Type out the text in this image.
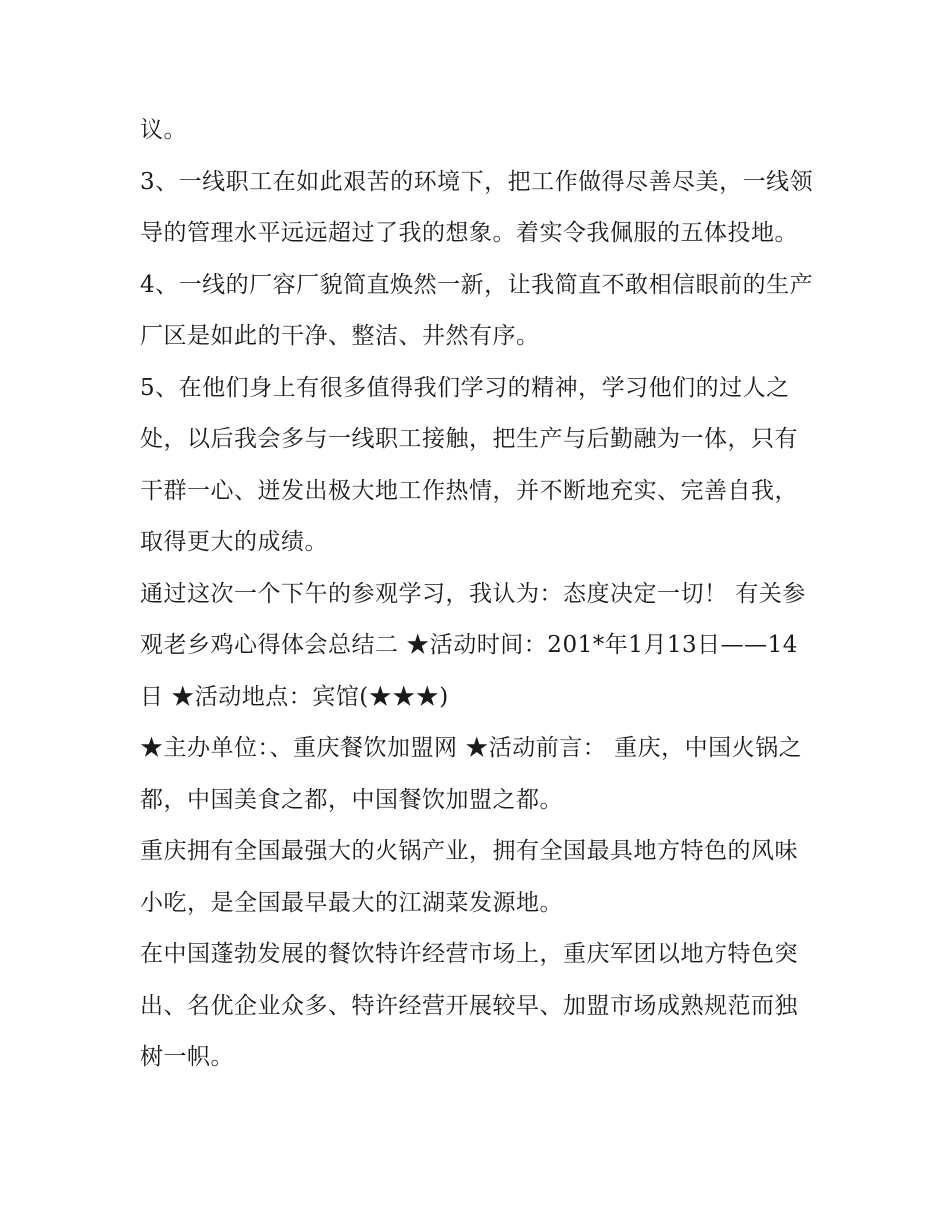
议。

3、一线职工在如此艰苦的环境下，把工作做得尽善尽美，一线领导的管理水平远远超过了我的想象。着实令我佩服的五体投地。

4、一线的厂容厂貌简直焕然一新，让我简直不敢相信眼前的生产厂区是如此的干净、整洁、井然有序。

5、在他们身上有很多值得我们学习的精神，学习他们的过人之处，以后我会多与一线职工接触，把生产与后勤融为一体，只有干群一心、迸发出极大地工作热情，并不断地充实、完善自我，取得更大的成绩。

通过这次一个下午的参观学习，我认为：态度决定一切！ 有关参观老乡鸡心得体会总结二 ★活动时间：201*年1月13日——14日 ★活动地点：宾馆(★★★)

★主办单位：、重庆餐饮加盟网 ★活动前言： 重庆，中国火锅之都，中国美食之都，中国餐饮加盟之都。

重庆拥有全国最强大的火锅产业，拥有全国最具地方特色的风味小吃，是全国最早最大的江湖菜发源地。

在中国蓬勃发展的餐饮特许经营市场上，重庆军团以地方特色突出、名优企业众多、特许经营开展较早、加盟市场成熟规范而独树一帜。
